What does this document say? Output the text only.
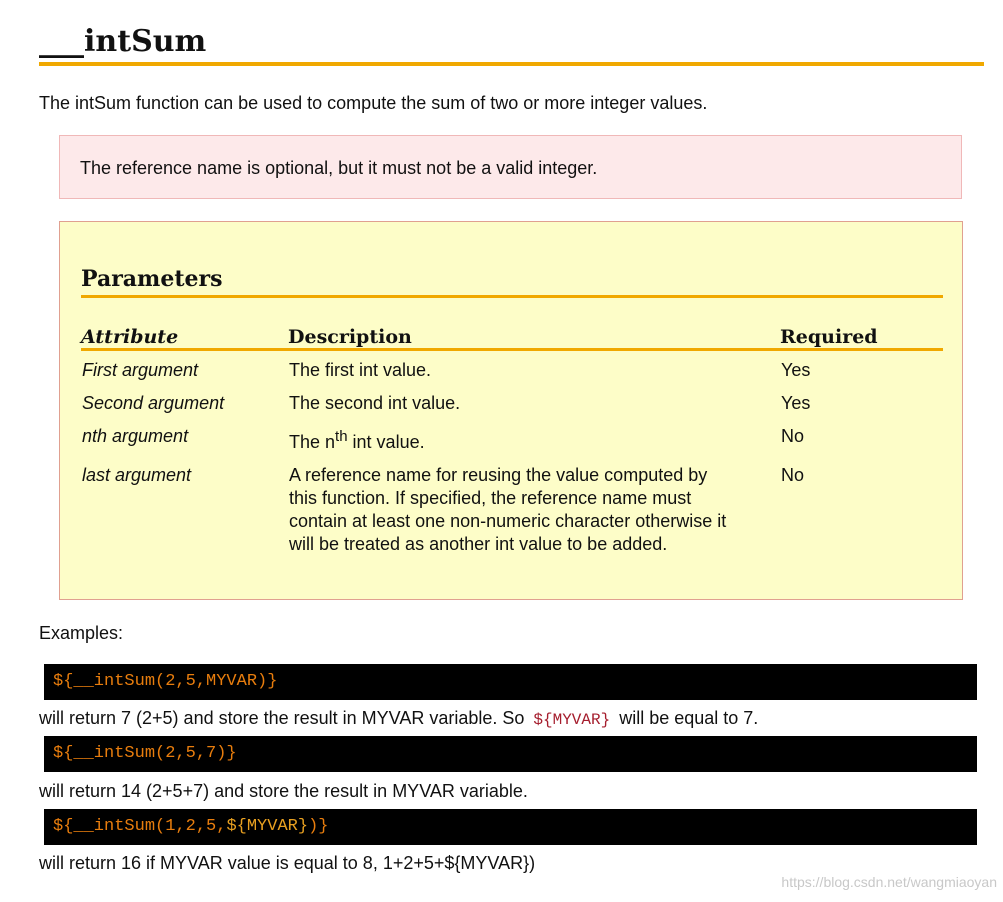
___intSum

The intSum function can be used to compute the sum of two or more integer values.

The reference name is optional, but it must not be a valid integer.
Parameters
Attribute	Description	Required
First argument	The first int value.	Yes
Second argument	The second int value.	Yes
nth argument	The $n^{th}$ int value.	No
last argument	A reference name for reusing the value computed by this function. If specified, the reference name must contain at least one non-numeric character otherwise it will be treated as another int value to be added.	No

Examples:

${__intSum(2,5,MYVAR)}

will return 7 (2+5) and store the result in MYVAR variable. So ${MYVAR} will be equal to 7.

${__intSum(2,5,7)}

will return 14 (2+5+7) and store the result in MYVAR variable.

${__intSum(1,2,5,${MYVAR})}

will return 16 if MYVAR value is equal to 8, 1+2+5+${MYVAR})

https://blog.csdn.net/wangmiaoyan
